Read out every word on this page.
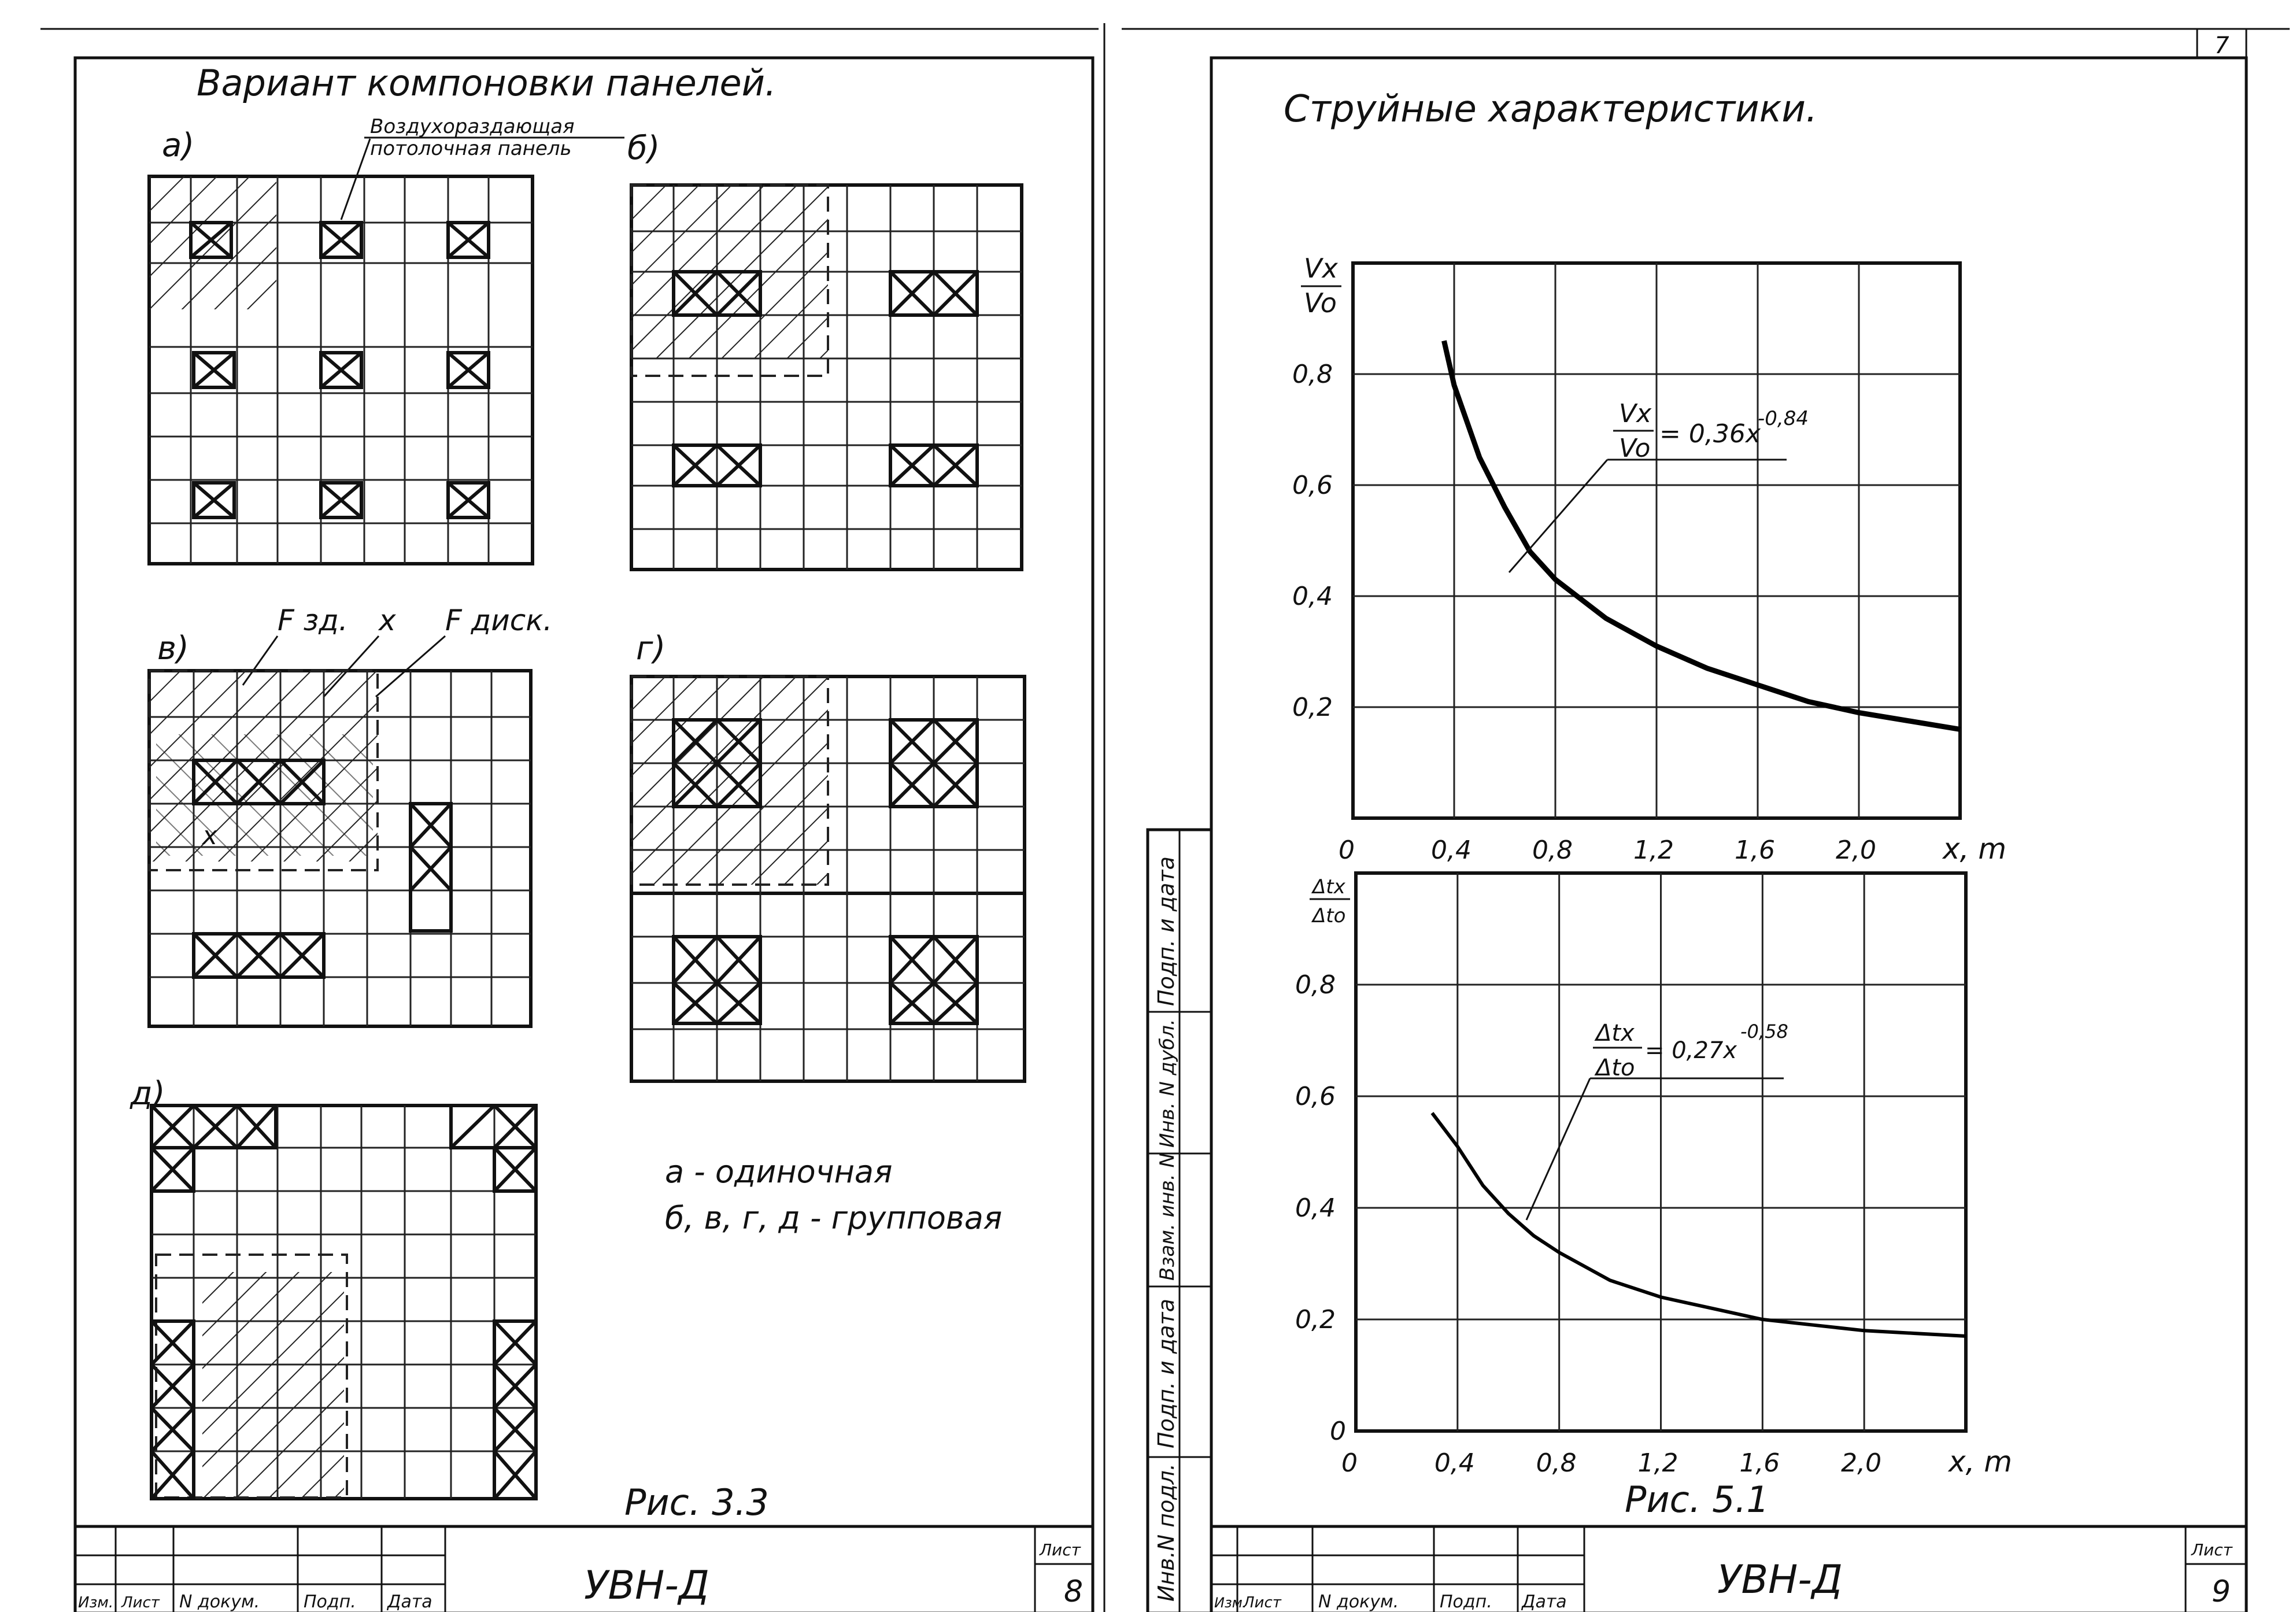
Вариант компоновки панелей.
Воздухораздающая
потолочная панель
а)	б)
в)
F зд. x F диск.
x
г)
д)
а - одиночная
б, в, г, д - групповая
Рис. 3.3
Изм. Лист N докум.	Подп. Дата	УВН-Д
Лист
8
7
Струйные характеристики.
Инв.N подл.
Подп. и дата
Взам. инв. N
Инв. N дубл.
Подп. и дата
Vx
Vo
0	0,4 0,8 1,2 1,6 2,0
0,2
0,4
0,6
0,8
x, m
Vx
Vo = 0,36x
-0,84
Δtx
Δto
0	0,4 0,8 1,2 1,6 2,0
0
0,2
0,4
0,6
0,8
x, m
Δtx
Δto
= 0,27x
-0,58
Рис. 5.1
Изм.
Лист N докум. Подп. Дата	УВН-Д
Лист
9
